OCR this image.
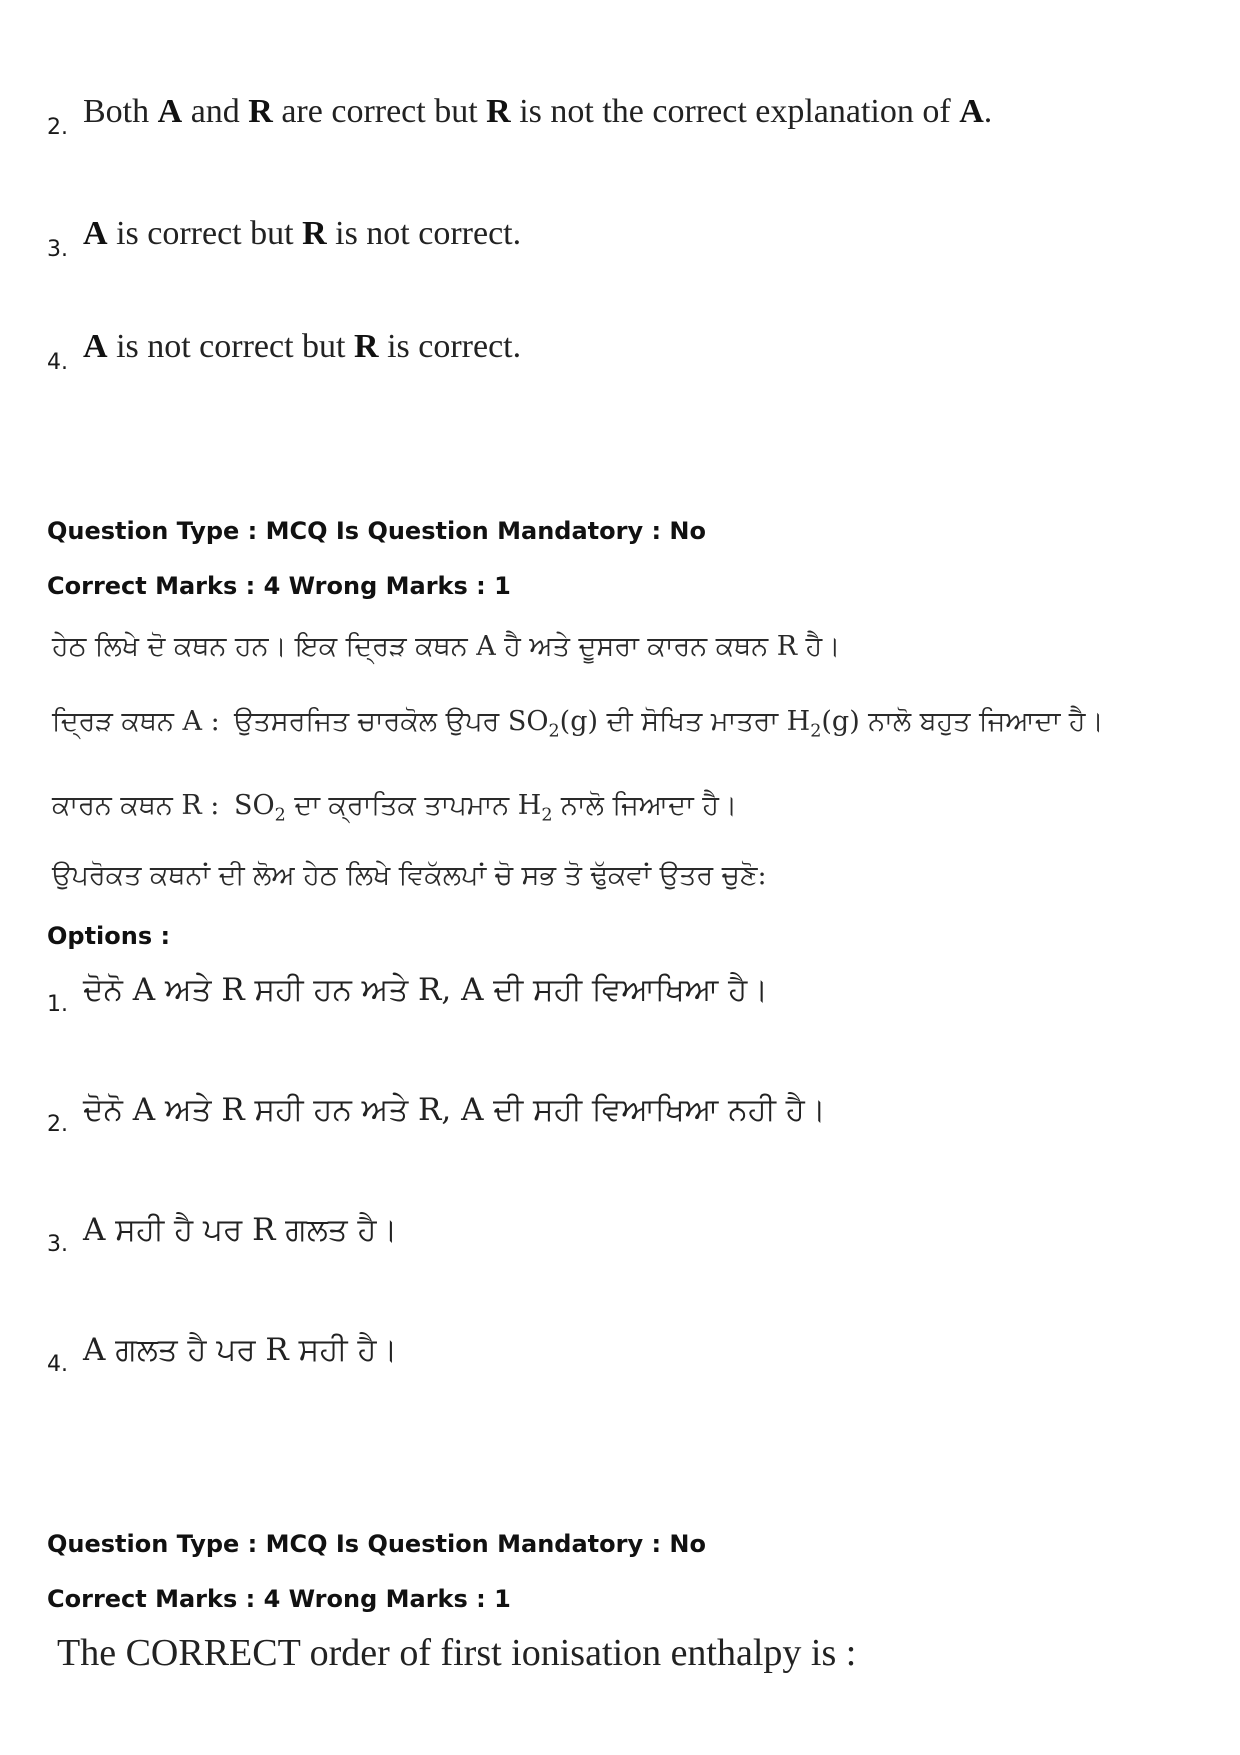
2. Both A and R are correct but R is not the correct explanation of A.
3. A is correct but R is not correct.
4. A is not correct but R is correct.
Question Type : MCQ Is Question Mandatory : No
Correct Marks : 4 Wrong Marks : 1
ਹੇਠ ਲਿਖੇ ਦੋ ਕਥਨ ਹਨ। ਇਕ ਦ੍ਰਿੜ ਕਥਨ A ਹੈ ਅਤੇ ਦੂਸਰਾ ਕਾਰਨ ਕਥਨ R ਹੈ।
ਦ੍ਰਿੜ ਕਥਨ A : ਉਤਸਰਜਿਤ ਚਾਰਕੋਲ ਉਪਰ $SO_2(g)$ ਦੀ ਸੋਖਿਤ ਮਾਤਰਾ $H_2(g)$ ਨਾਲੋ ਬਹੁਤ ਜਿਆਦਾ ਹੈ।
ਕਾਰਨ ਕਥਨ R : $SO_2$ ਦਾ ਕ੍ਰਾਤਿਕ ਤਾਪਮਾਨ $H_2$ ਨਾਲੋ ਜਿਆਦਾ ਹੈ।
ਉਪਰੋਕਤ ਕਥਨਾਂ ਦੀ ਲੋਅ ਹੇਠ ਲਿਖੇ ਵਿਕੱਲਪਾਂ ਚੋ ਸਭ ਤੋ ਢੁੱਕਵਾਂ ਉਤਰ ਚੁਣੋ:
Options :
1. ਦੋਨੋ A ਅਤੇ R ਸਹੀ ਹਨ ਅਤੇ R, A ਦੀ ਸਹੀ ਵਿਆਖਿਆ ਹੈ।
2. ਦੋਨੋ A ਅਤੇ R ਸਹੀ ਹਨ ਅਤੇ R, A ਦੀ ਸਹੀ ਵਿਆਖਿਆ ਨਹੀ ਹੈ।
3. A ਸਹੀ ਹੈ ਪਰ R ਗਲਤ ਹੈ।
4. A ਗਲਤ ਹੈ ਪਰ R ਸਹੀ ਹੈ।
Question Type : MCQ Is Question Mandatory : No
Correct Marks : 4 Wrong Marks : 1
The CORRECT order of first ionisation enthalpy is :
